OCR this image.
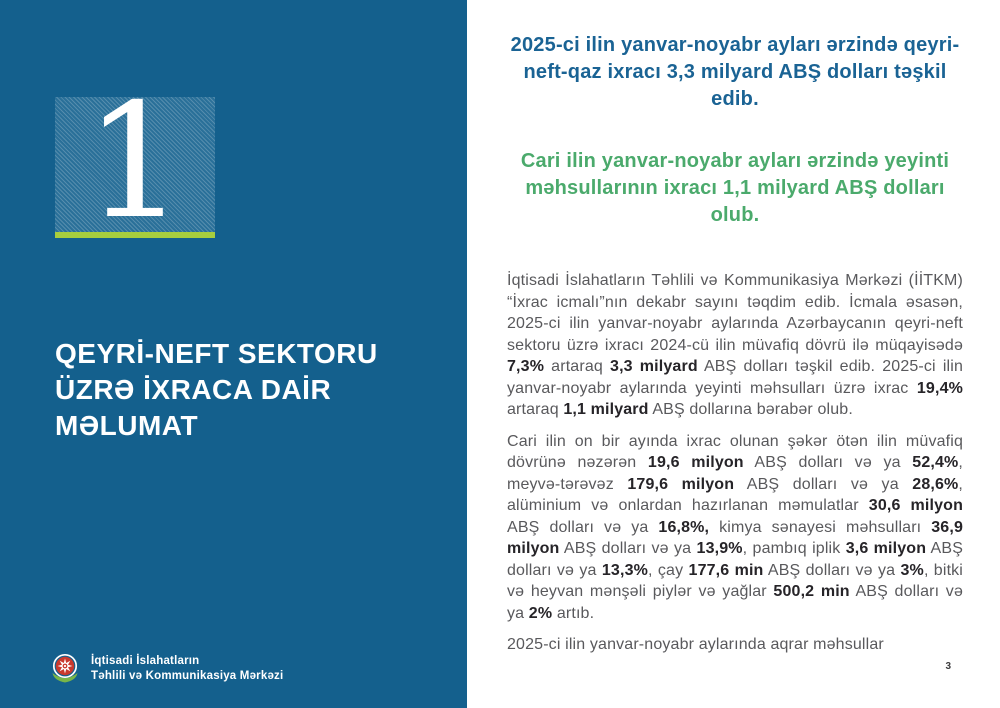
1
QEYRİ-NEFT SEKTORU ÜZRƏ İXRACA DAİR MƏLUMAT
İqtisadi İslahatların
Təhlili və Kommunikasiya Mərkəzi
2025-ci ilin yanvar-noyabr ayları ərzində qeyri-neft-qaz ixracı 3,3 milyard ABŞ dolları təşkil edib.
Cari ilin yanvar-noyabr ayları ərzində yeyinti məhsullarının ixracı 1,1 milyard ABŞ dolları olub.

İqtisadi İslahatların Təhlili və Kommunikasiya Mərkəzi (İİTKM) “İxrac icmalı”nın dekabr sayını təqdim edib. İcmala əsasən, 2025-ci ilin yanvar-noyabr aylarında Azərbaycanın qeyri-neft sektoru üzrə ixracı 2024-cü ilin müvafiq dövrü ilə müqayisədə 7,3% artaraq 3,3 milyard ABŞ dolları təşkil edib. 2025-ci ilin yanvar-noyabr aylarında yeyinti məhsulları üzrə ixrac 19,4% artaraq 1,1 milyard ABŞ dollarına bərabər olub.

Cari ilin on bir ayında ixrac olunan şəkər ötən ilin müvafiq dövrünə nəzərən 19,6 milyon ABŞ dolları və ya 52,4%, meyvə-tərəvəz 179,6 milyon ABŞ dolları və ya 28,6%, alüminium və onlardan hazırlanan məmulatlar 30,6 milyon ABŞ dolları və ya 16,8%, kimya sənayesi məhsulları 36,9 milyon ABŞ dolları və ya 13,9%, pambıq iplik 3,6 milyon ABŞ dolları və ya 13,3%, çay 177,6 min ABŞ dolları və ya 3%, bitki və heyvan mənşəli piylər və yağlar 500,2 min ABŞ dolları və ya 2% artıb.

2025-ci ilin yanvar-noyabr aylarında aqrar məhsullar

3
